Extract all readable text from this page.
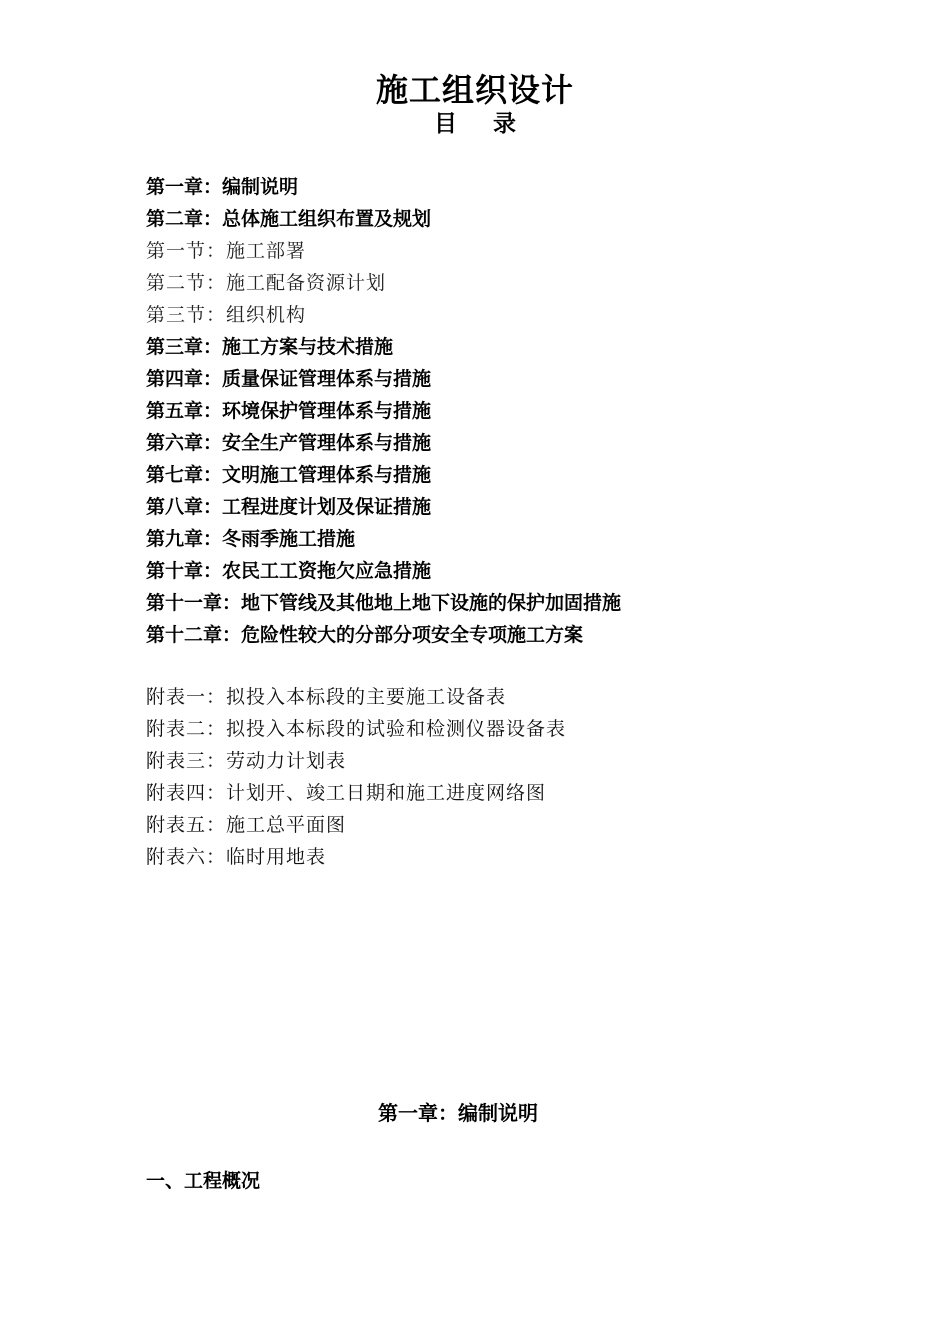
施工组织设计
目 录
第一章：编制说明
第二章：总体施工组织布置及规划
第一节：施工部署
第二节：施工配备资源计划
第三节：组织机构
第三章：施工方案与技术措施
第四章：质量保证管理体系与措施
第五章：环境保护管理体系与措施
第六章：安全生产管理体系与措施
第七章：文明施工管理体系与措施
第八章：工程进度计划及保证措施
第九章：冬雨季施工措施
第十章：农民工工资拖欠应急措施
第十一章：地下管线及其他地上地下设施的保护加固措施
第十二章：危险性较大的分部分项安全专项施工方案
附表一：拟投入本标段的主要施工设备表
附表二：拟投入本标段的试验和检测仪器设备表
附表三：劳动力计划表
附表四：计划开、竣工日期和施工进度网络图
附表五：施工总平面图
附表六：临时用地表
第一章：编制说明
一、工程概况
